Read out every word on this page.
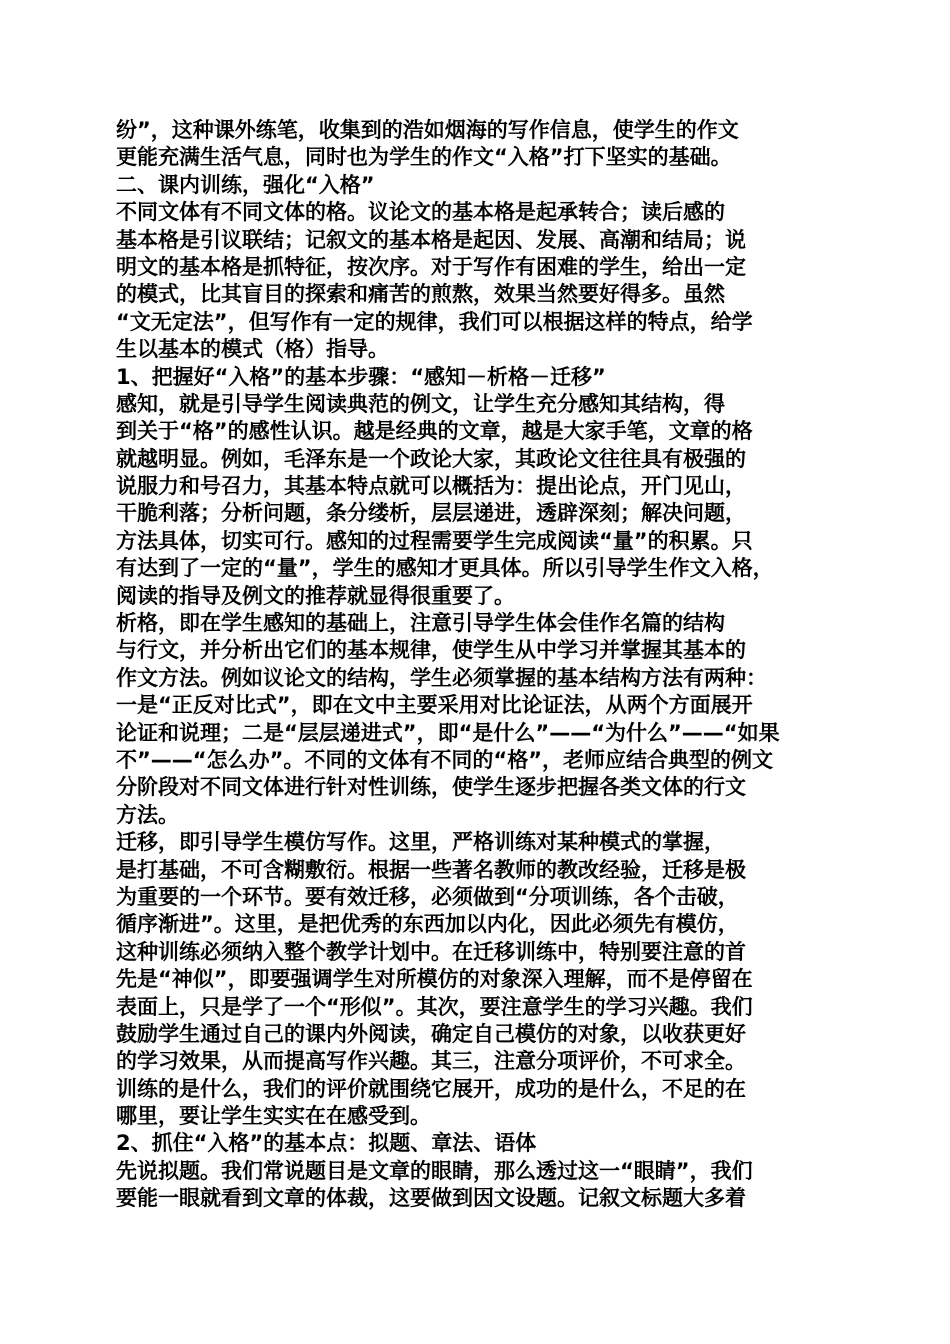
纷”，这种课外练笔，收集到的浩如烟海的写作信息，使学生的作文
更能充满生活气息，同时也为学生的作文“入格”打下坚实的基础。
二、课内训练，强化“入格”
不同文体有不同文体的格。议论文的基本格是起承转合；读后感的
基本格是引议联结；记叙文的基本格是起因、发展、高潮和结局；说
明文的基本格是抓特征，按次序。对于写作有困难的学生，给出一定
的模式，比其盲目的探索和痛苦的煎熬，效果当然要好得多。虽然
“文无定法”，但写作有一定的规律，我们可以根据这样的特点，给学
生以基本的模式（格）指导。
1、把握好“入格”的基本步骤：“感知－析格－迁移”
感知，就是引导学生阅读典范的例文，让学生充分感知其结构，得
到关于“格”的感性认识。越是经典的文章，越是大家手笔，文章的格
就越明显。例如，毛泽东是一个政论大家，其政论文往往具有极强的
说服力和号召力，其基本特点就可以概括为：提出论点，开门见山，
干脆利落；分析问题，条分缕析，层层递进，透辟深刻；解决问题，
方法具体，切实可行。感知的过程需要学生完成阅读“量”的积累。只
有达到了一定的“量”，学生的感知才更具体。所以引导学生作文入格，
阅读的指导及例文的推荐就显得很重要了。
析格，即在学生感知的基础上，注意引导学生体会佳作名篇的结构
与行文，并分析出它们的基本规律，使学生从中学习并掌握其基本的
作文方法。例如议论文的结构，学生必须掌握的基本结构方法有两种：
一是“正反对比式”，即在文中主要采用对比论证法，从两个方面展开
论证和说理；二是“层层递进式”，即“是什么”——“为什么”——“如果
不”——“怎么办”。不同的文体有不同的“格”，老师应结合典型的例文
分阶段对不同文体进行针对性训练，使学生逐步把握各类文体的行文
方法。
迁移，即引导学生模仿写作。这里，严格训练对某种模式的掌握，
是打基础，不可含糊敷衍。根据一些著名教师的教改经验，迁移是极
为重要的一个环节。要有效迁移，必须做到“分项训练，各个击破，
循序渐进”。这里，是把优秀的东西加以内化，因此必须先有模仿，
这种训练必须纳入整个教学计划中。在迁移训练中，特别要注意的首
先是“神似”，即要强调学生对所模仿的对象深入理解，而不是停留在
表面上，只是学了一个“形似”。其次，要注意学生的学习兴趣。我们
鼓励学生通过自己的课内外阅读，确定自己模仿的对象，以收获更好
的学习效果，从而提高写作兴趣。其三，注意分项评价，不可求全。
训练的是什么，我们的评价就围绕它展开，成功的是什么，不足的在
哪里，要让学生实实在在感受到。
2、抓住“入格”的基本点：拟题、章法、语体
先说拟题。我们常说题目是文章的眼睛，那么透过这一“眼睛”，我们
要能一眼就看到文章的体裁，这要做到因文设题。记叙文标题大多着
